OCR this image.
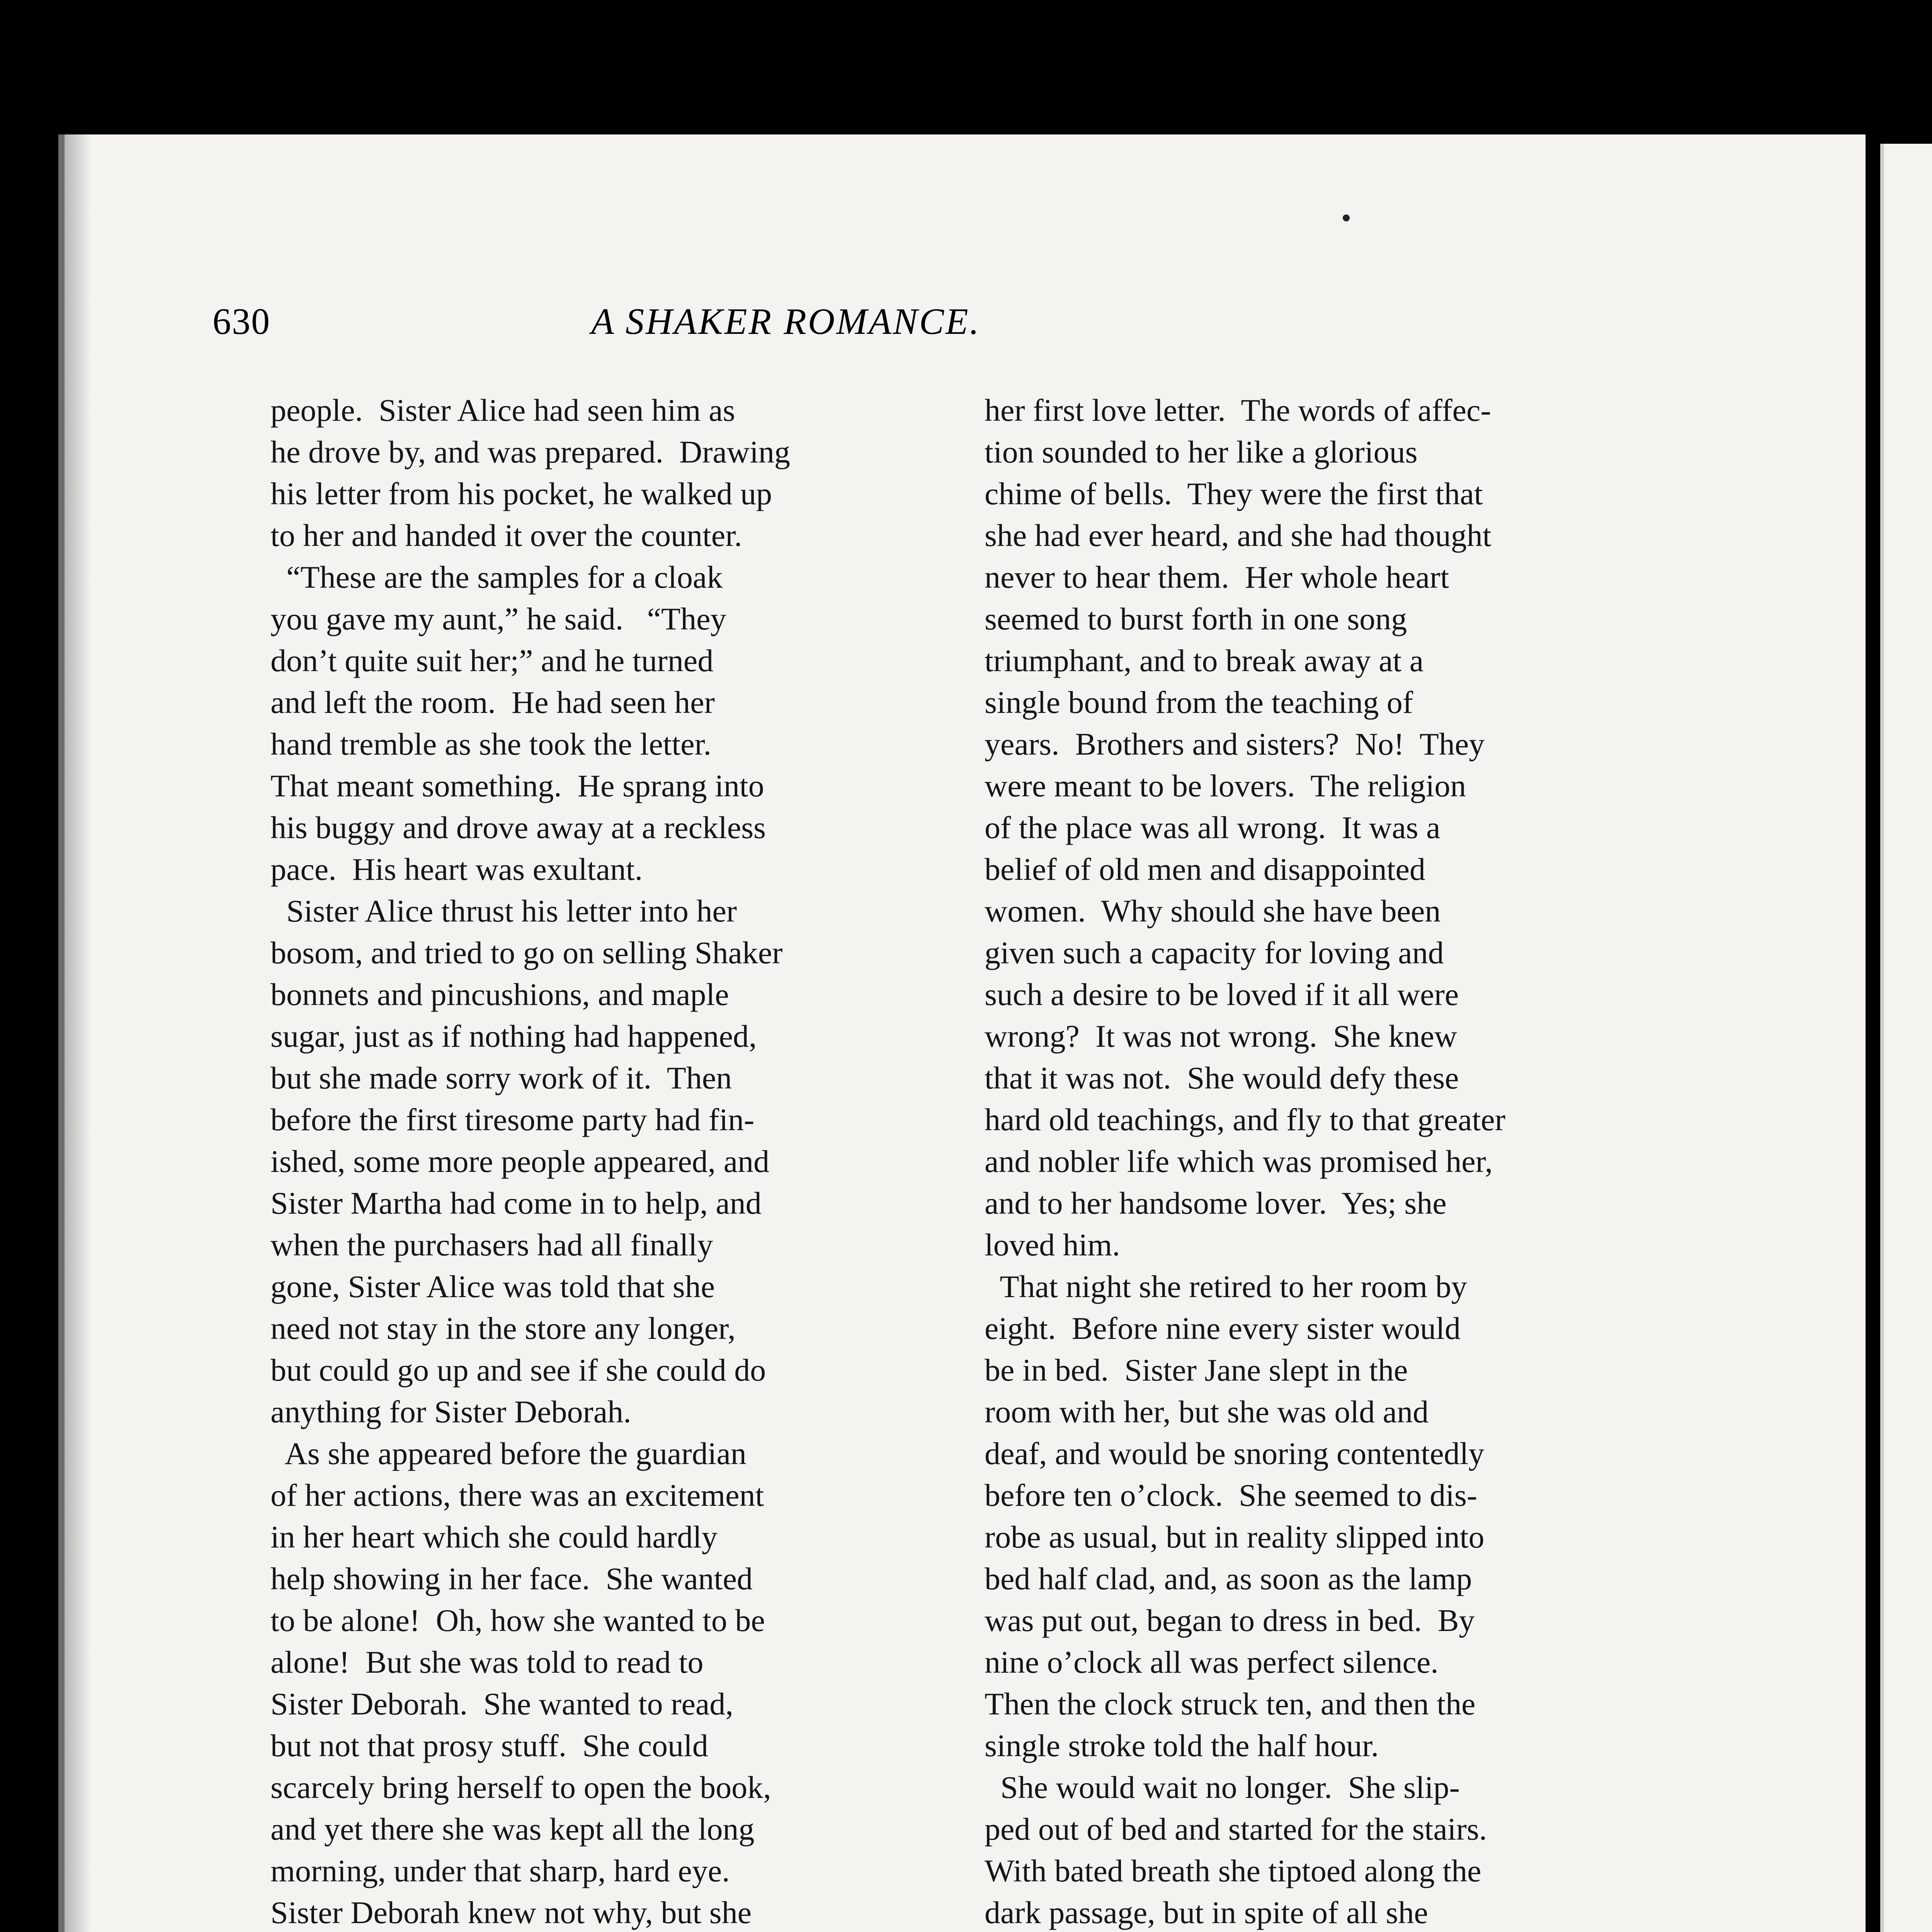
630	A SHAKER ROMANCE.

people.  Sister Alice had seen him as

he drove by, and was prepared.  Drawing

his letter from his pocket, he walked up

to her and handed it over the counter.

“These are the samples for a cloak

you gave my aunt,” he said.   “They

don’t quite suit her;” and he turned

and left the room.  He had seen her

hand tremble as she took the letter.

That meant something.  He sprang into

his buggy and drove away at a reckless

pace.  His heart was exultant.

Sister Alice thrust his letter into her

bosom, and tried to go on selling Shaker

bonnets and pincushions, and maple

sugar, just as if nothing had happened,

but she made sorry work of it.  Then

before the first tiresome party had fin-

ished, some more people appeared, and

Sister Martha had come in to help, and

when the purchasers had all finally

gone, Sister Alice was told that she

need not stay in the store any longer,

but could go up and see if she could do

anything for Sister Deborah.

As she appeared before the guardian

of her actions, there was an excitement

in her heart which she could hardly

help showing in her face.  She wanted

to be alone!  Oh, how she wanted to be

alone!  But she was told to read to

Sister Deborah.  She wanted to read,

but not that prosy stuff.  She could

scarcely bring herself to open the book,

and yet there she was kept all the long

morning, under that sharp, hard eye.

Sister Deborah knew not why, but she

her first love letter.  The words of affec-

tion sounded to her like a glorious

chime of bells.  They were the first that

she had ever heard, and she had thought

never to hear them.  Her whole heart

seemed to burst forth in one song

triumphant, and to break away at a

single bound from the teaching of

years.  Brothers and sisters?  No!  They

were meant to be lovers.  The religion

of the place was all wrong.  It was a

belief of old men and disappointed

women.  Why should she have been

given such a capacity for loving and

such a desire to be loved if it all were

wrong?  It was not wrong.  She knew

that it was not.  She would defy these

hard old teachings, and fly to that greater

and nobler life which was promised her,

and to her handsome lover.  Yes; she

loved him.

That night she retired to her room by

eight.  Before nine every sister would

be in bed.  Sister Jane slept in the

room with her, but she was old and

deaf, and would be snoring contentedly

before ten o’clock.  She seemed to dis-

robe as usual, but in reality slipped into

bed half clad, and, as soon as the lamp

was put out, began to dress in bed.  By

nine o’clock all was perfect silence.

Then the clock struck ten, and then the

single stroke told the half hour.

She would wait no longer.  She slip-

ped out of bed and started for the stairs.

With bated breath she tiptoed along the

dark passage, but in spite of all she
